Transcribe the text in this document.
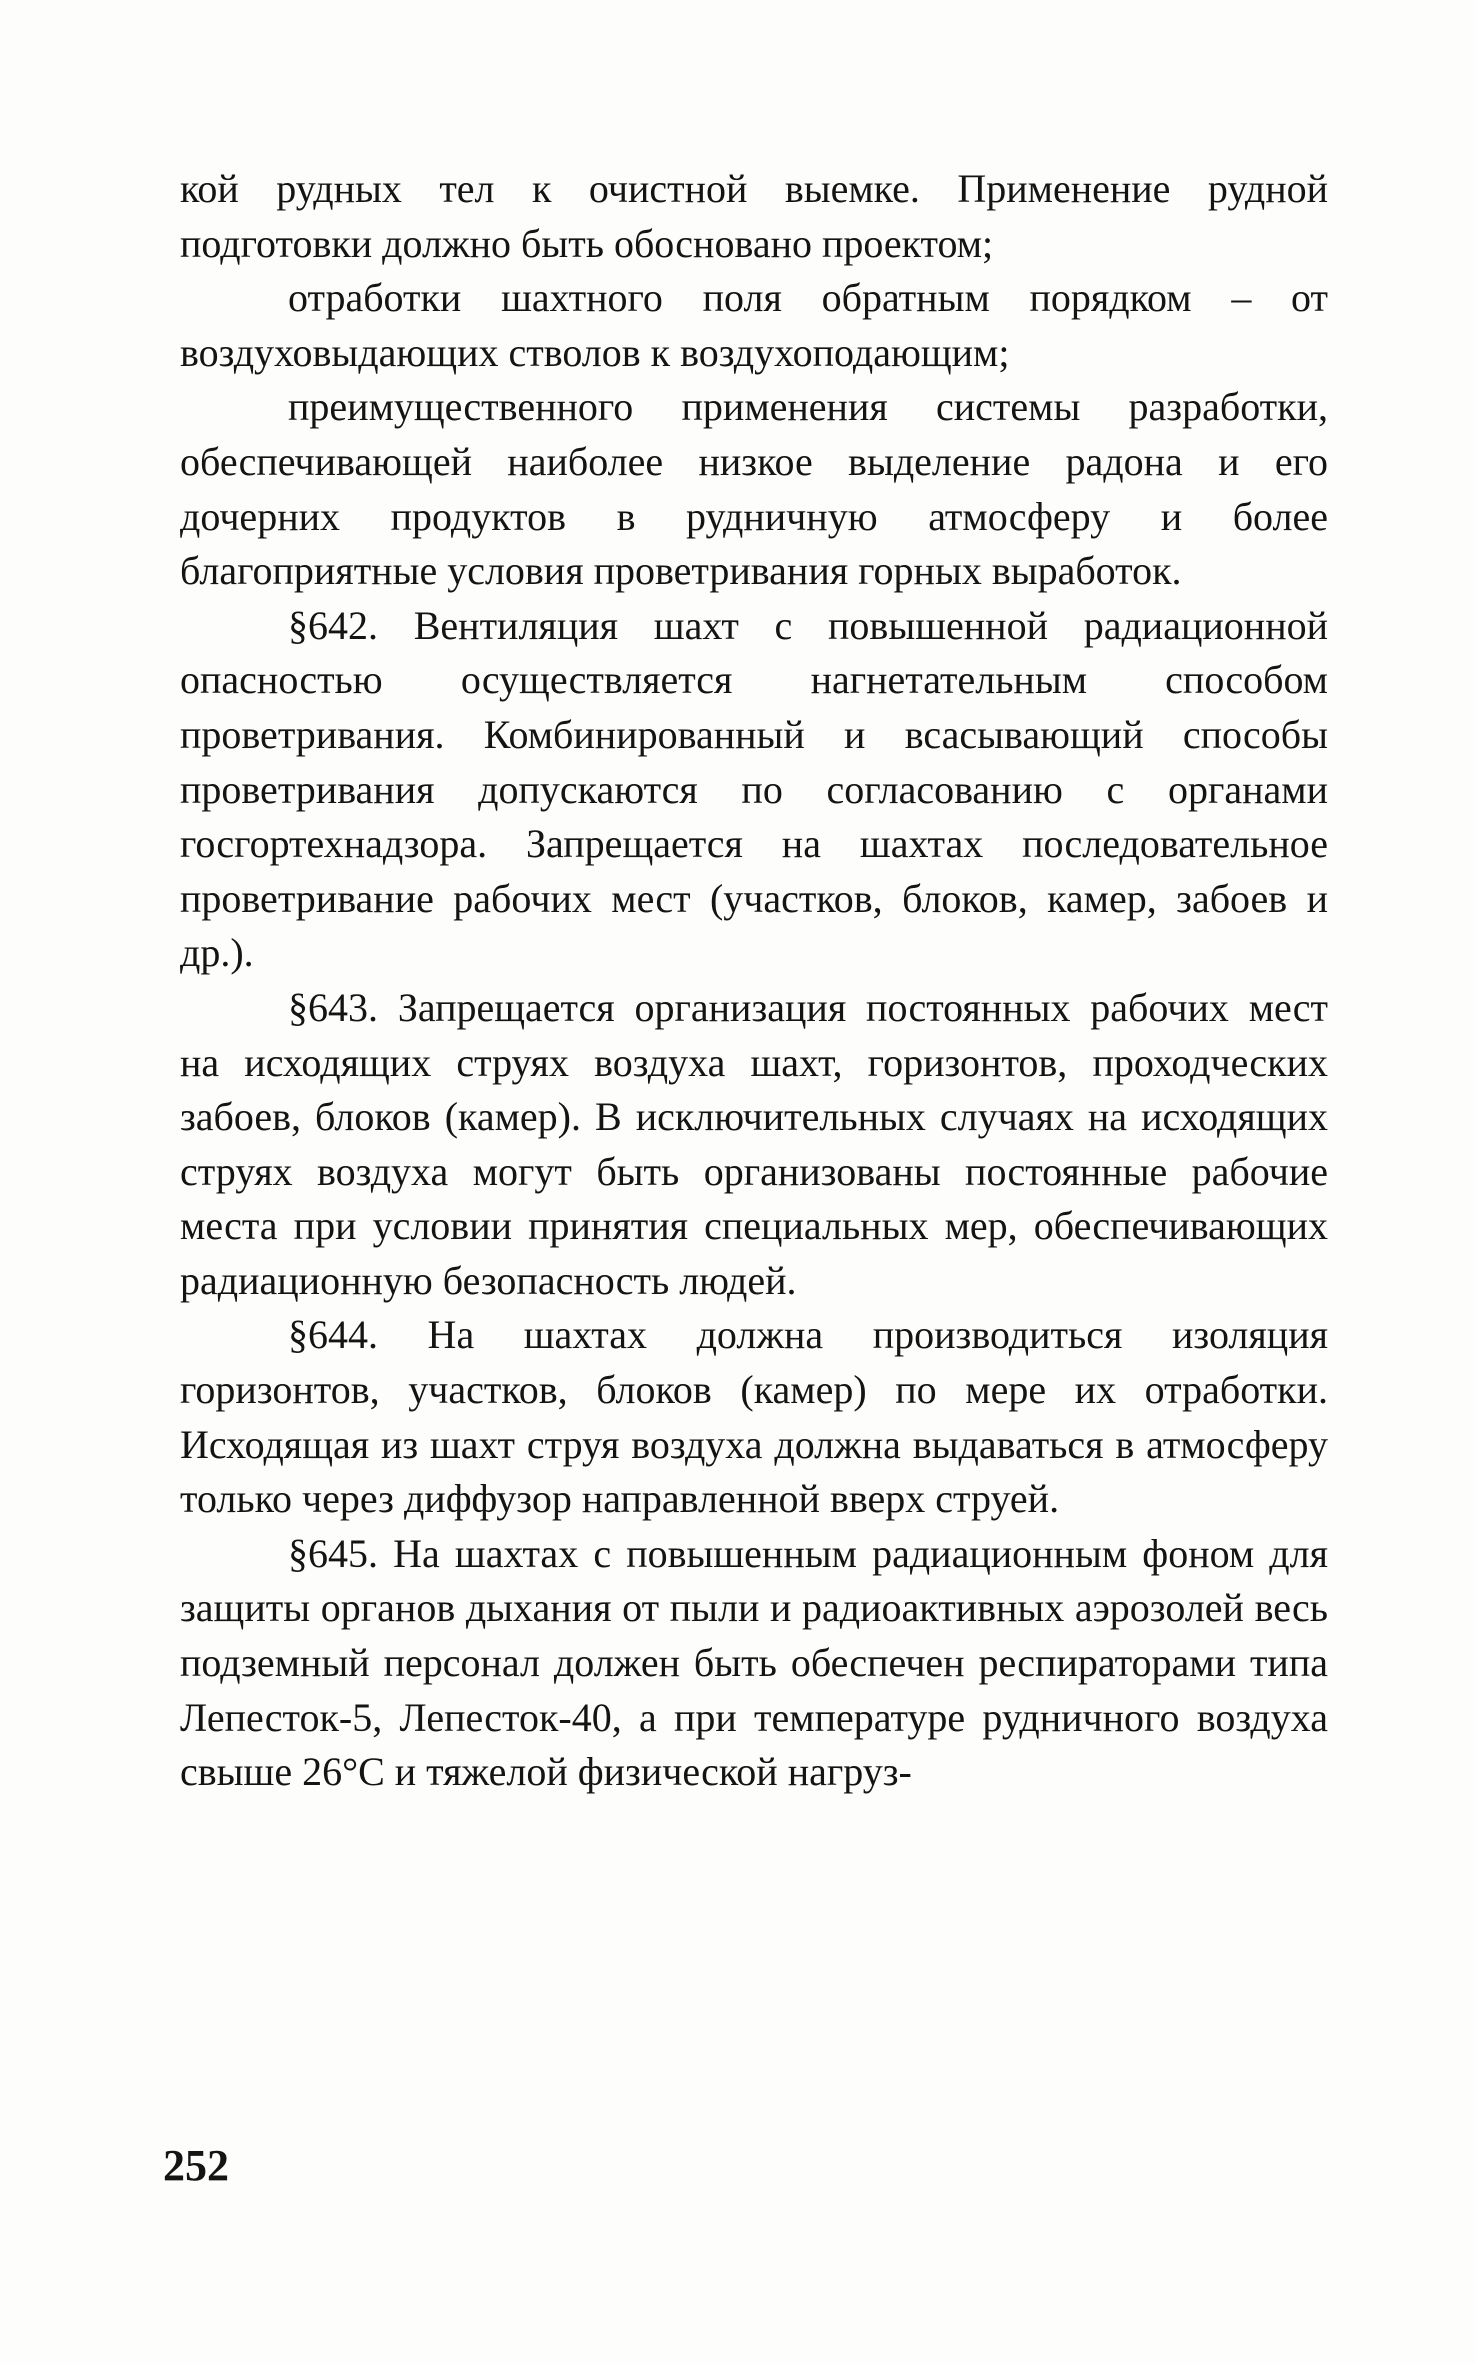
кой рудных тел к очистной выемке. Применение рудной подготовки должно быть обосновано проектом;

отработки шахтного поля обратным порядком – от воздуховыдающих стволов к воздухоподающим;

преимущественного применения системы разработки, обеспечивающей наиболее низкое выделение радона и его дочерних продуктов в рудничную атмосферу и более благоприятные условия проветривания горных выработок.

§642. Вентиляция шахт с повышенной радиационной опасностью осуществляется нагнетательным способом проветривания. Комбинированный и всасывающий способы проветривания допускаются по согласованию с органами госгортехнадзора. Запрещается на шахтах последовательное проветривание рабочих мест (участков, блоков, камер, забоев и др.).

§643. Запрещается организация постоянных рабочих мест на исходящих струях воздуха шахт, горизонтов, проходческих забоев, блоков (камер). В исключительных случаях на исходящих струях воздуха могут быть организованы постоянные рабочие места при условии принятия специальных мер, обеспечивающих радиационную безопасность людей.

§644. На шахтах должна производиться изоляция горизонтов, участков, блоков (камер) по мере их отработки. Исходящая из шахт струя воздуха должна выдаваться в атмосферу только через диффузор направленной вверх струей.

§645. На шахтах с повышенным радиационным фоном для защиты органов дыхания от пыли и радиоактивных аэрозолей весь подземный персонал должен быть обеспечен респираторами типа Лепесток-5, Лепесток-40, а при температуре рудничного воздуха свыше 26°C и тяжелой физической нагруз-

252
